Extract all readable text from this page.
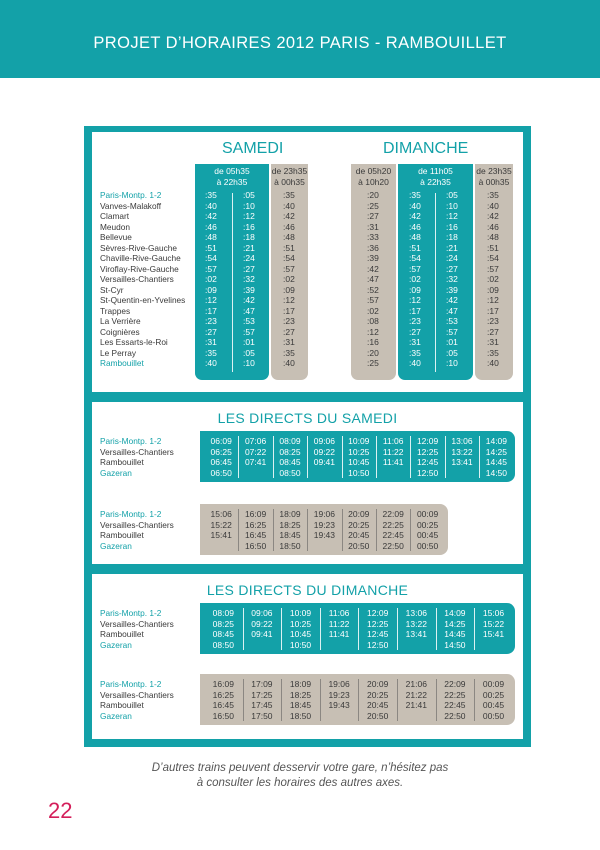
PROJET D’HORAIRES 2012 PARIS - RAMBOUILLET
SAMEDI	DIMANCHE
de 05h35
à 22h35
de 23h35
à 00h35
de 05h20
à 10h20
de 11h05
à 22h35
de 23h35
à 00h35
Paris-Montp. 1-2
Vanves-Malakoff
Clamart
Meudon
Bellevue
Sèvres-Rive-Gauche
Chaville-Rive-Gauche
Viroflay-Rive-Gauche
Versailles-Chantiers
St-Cyr
St-Quentin-en-Yvelines
Trappes
La Verrière
Coignières
Les Essarts-le-Roi
Le Perray
Rambouillet
:35
:40
:42
:46
:48
:51
:54
:57
:02
:09
:12
:17
:23
:27
:31
:35
:40
:05
:10
:12
:16
:18
:21
:24
:27
:32
:39
:42
:47
:53
:57
:01
:05
:10
:35
:40
:42
:46
:48
:51
:54
:57
:02
:09
:12
:17
:23
:27
:31
:35
:40
:20
:25
:27
:31
:33
:36
:39
:42
:47
:52
:57
:02
:08
:12
:16
:20
:25
:35
:40
:42
:46
:48
:51
:54
:57
:02
:09
:12
:17
:23
:27
:31
:35
:40
:05
:10
:12
:16
:18
:21
:24
:27
:32
:39
:42
:47
:53
:57
:01
:05
:10
:35
:40
:42
:46
:48
:51
:54
:57
:02
:09
:12
:17
:23
:27
:31
:35
:40
LES DIRECTS DU SAMEDI
Paris-Montp. 1-2
Versailles-Chantiers
Rambouillet
Gazeran
06:09
06:25
06:45
06:50
07:06
07:22
07:41
08:09
08:25
08:45
08:50
09:06
09:22
09:41
10:09
10:25
10:45
10:50
11:06
11:22
11:41
12:09
12:25
12:45
12:50
13:06
13:22
13:41
14:09
14:25
14:45
14:50
Paris-Montp. 1-2
Versailles-Chantiers
Rambouillet
Gazeran
15:06
15:22
15:41
16:09
16:25
16:45
16:50
18:09
18:25
18:45
18:50
19:06
19:23
19:43
20:09
20:25
20:45
20:50
22:09
22:25
22:45
22:50
00:09
00:25
00:45
00:50
LES DIRECTS DU DIMANCHE
Paris-Montp. 1-2
Versailles-Chantiers
Rambouillet
Gazeran
08:09
08:25
08:45
08:50
09:06
09:22
09:41
10:09
10:25
10:45
10:50
11:06
11:22
11:41
12:09
12:25
12:45
12:50
13:06
13:22
13:41
14:09
14:25
14:45
14:50
15:06
15:22
15:41
Paris-Montp. 1-2
Versailles-Chantiers
Rambouillet
Gazeran
16:09
16:25
16:45
16:50
17:09
17:25
17:45
17:50
18:09
18:25
18:45
18:50
19:06
19:23
19:43
20:09
20:25
20:45
20:50
21:06
21:22
21:41
22:09
22:25
22:45
22:50
00:09
00:25
00:45
00:50
D’autres trains peuvent desservir votre gare, n’hésitez pas
à consulter les horaires des autres axes.
22
